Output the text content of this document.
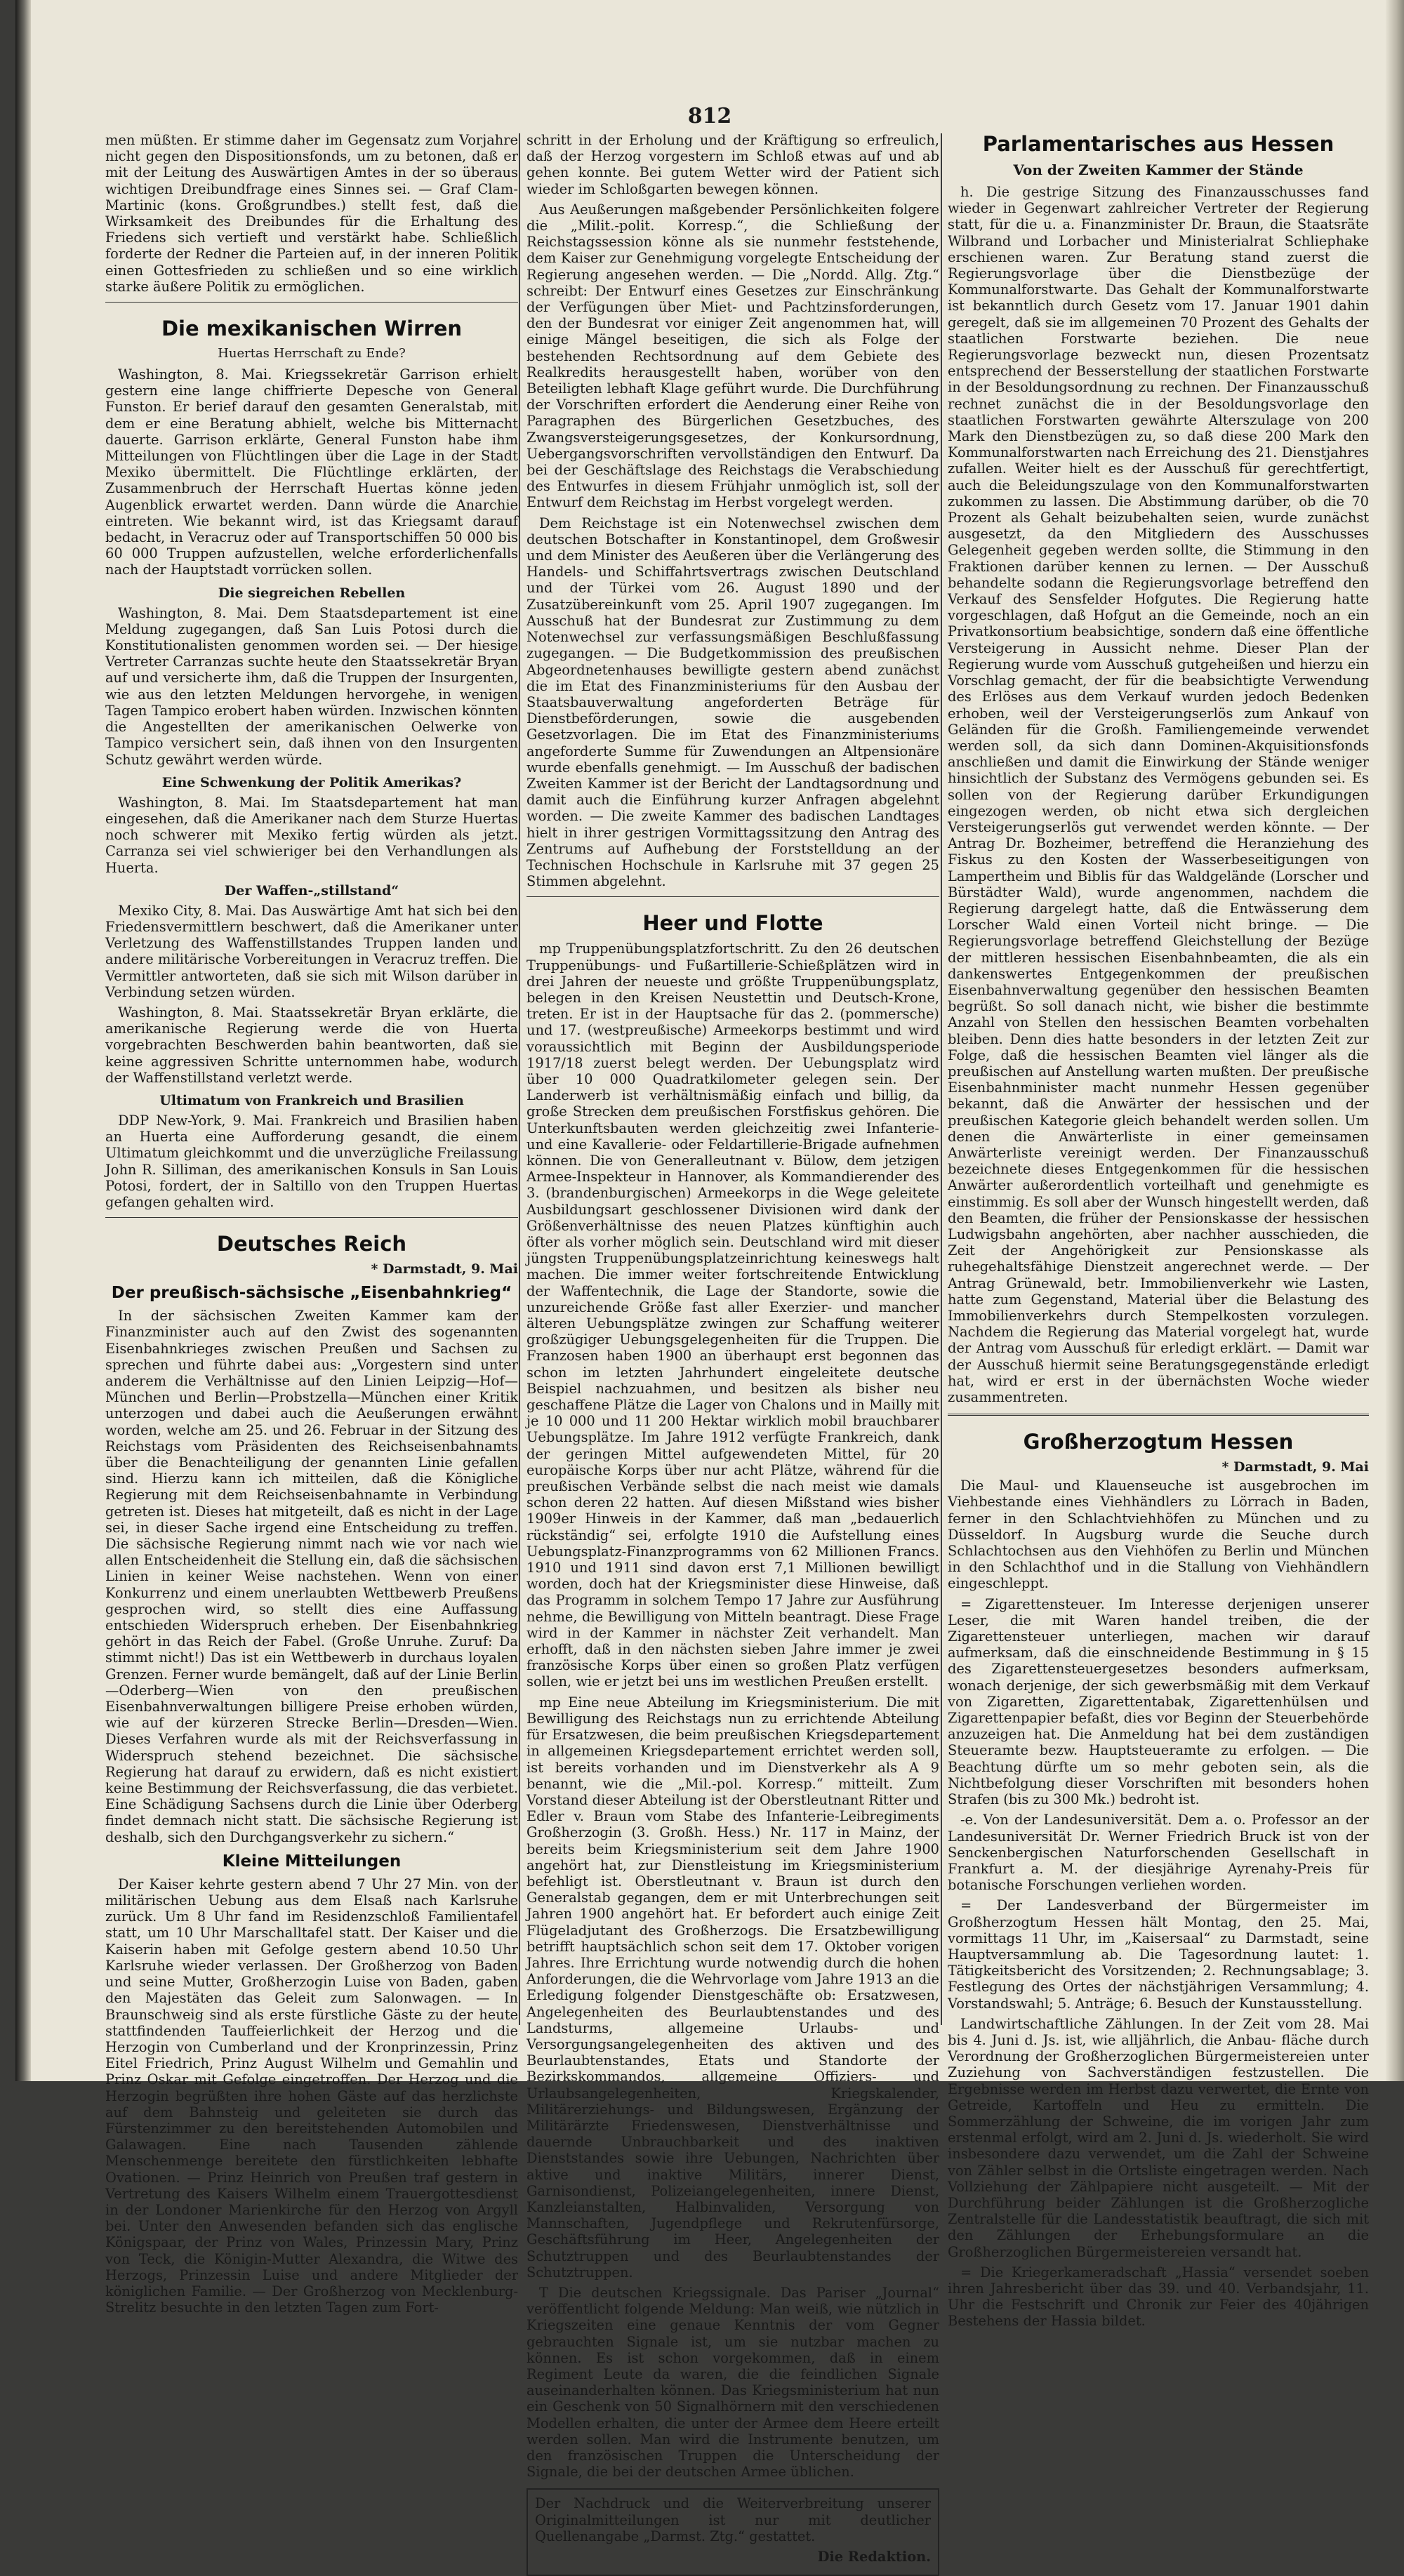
812

men müßten. Er stimme daher im Gegensatz zum Vorjahre nicht gegen den Dispositionsfonds, um zu betonen, daß er mit der Leitung des Auswärtigen Amtes in der so überaus wichtigen Dreibundfrage eines Sinnes sei. — Graf Clam-Martinic (kons. Großgrundbes.) stellt fest, daß die Wirksamkeit des Dreibundes für die Erhaltung des Friedens sich vertieft und verstärkt habe. Schließlich forderte der Redner die Parteien auf, in der inneren Politik einen Gottesfrieden zu schließen und so eine wirklich starke äußere Politik zu ermöglichen.

Die mexikanischen Wirren
Huertas Herrschaft zu Ende?

Washington, 8. Mai. Kriegssekretär Garrison erhielt gestern eine lange chiffrierte Depesche von General Funston. Er berief darauf den gesamten Generalstab, mit dem er eine Beratung abhielt, welche bis Mitternacht dauerte. Garrison erklärte, General Funston habe ihm Mitteilungen von Flüchtlingen über die Lage in der Stadt Mexiko übermittelt. Die Flüchtlinge erklärten, der Zusammenbruch der Herrschaft Huertas könne jeden Augenblick erwartet werden. Dann würde die Anarchie eintreten. Wie bekannt wird, ist das Kriegsamt darauf bedacht, in Veracruz oder auf Transportschiffen 50 000 bis 60 000 Truppen aufzustellen, welche erforderlichenfalls nach der Hauptstadt vorrücken sollen.

Die siegreichen Rebellen

Washington, 8. Mai. Dem Staatsdepartement ist eine Meldung zugegangen, daß San Luis Potosi durch die Konstitutionalisten genommen worden sei. — Der hiesige Vertreter Carranzas suchte heute den Staatssekretär Bryan auf und versicherte ihm, daß die Truppen der Insurgenten, wie aus den letzten Meldungen hervorgehe, in wenigen Tagen Tampico erobert haben würden. Inzwischen könnten die Angestellten der amerikanischen Oelwerke von Tampico versichert sein, daß ihnen von den Insurgenten Schutz gewährt werden würde.

Eine Schwenkung der Politik Amerikas?

Washington, 8. Mai. Im Staatsdepartement hat man eingesehen, daß die Amerikaner nach dem Sturze Huertas noch schwerer mit Mexiko fertig würden als jetzt. Carranza sei viel schwieriger bei den Verhandlungen als Huerta.

Der Waffen-„stillstand“

Mexiko City, 8. Mai. Das Auswärtige Amt hat sich bei den Friedensvermittlern beschwert, daß die Amerikaner unter Verletzung des Waffenstillstandes Truppen landen und andere militärische Vorbereitungen in Veracruz treffen. Die Vermittler antworteten, daß sie sich mit Wilson darüber in Verbindung setzen würden.

Washington, 8. Mai. Staatssekretär Bryan erklärte, die amerikanische Regierung werde die von Huerta vorgebrachten Beschwerden bahin beantworten, daß sie keine aggressiven Schritte unternommen habe, wodurch der Waffenstillstand verletzt werde.

Ultimatum von Frankreich und Brasilien

DDP New-York, 9. Mai. Frankreich und Brasilien haben an Huerta eine Aufforderung gesandt, die einem Ultimatum gleichkommt und die unverzügliche Freilassung John R. Silliman, des amerikanischen Konsuls in San Louis Potosi, fordert, der in Saltillo von den Truppen Huertas gefangen gehalten wird.

Deutsches Reich
* Darmstadt, 9. Mai
Der preußisch-sächsische „Eisenbahnkrieg“

In der sächsischen Zweiten Kammer kam der Finanzminister auch auf den Zwist des sogenannten Eisenbahnkrieges zwischen Preußen und Sachsen zu sprechen und führte dabei aus: „Vorgestern sind unter anderem die Verhältnisse auf den Linien Leipzig—Hof—München und Berlin—Probstzella—München einer Kritik unterzogen und dabei auch die Aeußerungen erwähnt worden, welche am 25. und 26. Februar in der Sitzung des Reichstags vom Präsidenten des Reichseisenbahnamts über die Benachteiligung der genannten Linie gefallen sind. Hierzu kann ich mitteilen, daß die Königliche Regierung mit dem Reichseisenbahnamte in Verbindung getreten ist. Dieses hat mitgeteilt, daß es nicht in der Lage sei, in dieser Sache irgend eine Entscheidung zu treffen. Die sächsische Regierung nimmt nach wie vor nach wie allen Entscheidenheit die Stellung ein, daß die sächsischen Linien in keiner Weise nachstehen. Wenn von einer Konkurrenz und einem unerlaubten Wettbewerb Preußens gesprochen wird, so stellt dies eine Auffassung entschieden Widerspruch erheben. Der Eisenbahnkrieg gehört in das Reich der Fabel. (Große Unruhe. Zuruf: Da stimmt nicht!) Das ist ein Wettbewerb in durchaus loyalen Grenzen. Ferner wurde bemängelt, daß auf der Linie Berlin—Oderberg—Wien von den preußischen Eisenbahnverwaltungen billigere Preise erhoben würden, wie auf der kürzeren Strecke Berlin—Dresden—Wien. Dieses Verfahren wurde als mit der Reichsverfassung in Widerspruch stehend bezeichnet. Die sächsische Regierung hat darauf zu erwidern, daß es nicht existiert keine Bestimmung der Reichsverfassung, die das verbietet. Eine Schädigung Sachsens durch die Linie über Oderberg findet demnach nicht statt. Die sächsische Regierung ist deshalb, sich den Durchgangsverkehr zu sichern.“

Kleine Mitteilungen

Der Kaiser kehrte gestern abend 7 Uhr 27 Min. von der militärischen Uebung aus dem Elsaß nach Karlsruhe zurück. Um 8 Uhr fand im Residenzschloß Familientafel statt, um 10 Uhr Marschalltafel statt. Der Kaiser und die Kaiserin haben mit Gefolge gestern abend 10.50 Uhr Karlsruhe wieder verlassen. Der Großherzog von Baden und seine Mutter, Großherzogin Luise von Baden, gaben den Majestäten das Geleit zum Salonwagen. — In Braunschweig sind als erste fürstliche Gäste zu der heute stattfindenden Tauffeierlichkeit der Herzog und die Herzogin von Cumberland und der Kronprinzessin, Prinz Eitel Friedrich, Prinz August Wilhelm und Gemahlin und Prinz Oskar mit Gefolge eingetroffen. Der Herzog und die Herzogin begrüßten ihre hohen Gäste auf das herzlichste auf dem Bahnsteig und geleiteten sie durch das Fürstenzimmer zu den bereitstehenden Automobilen und Galawagen. Eine nach Tausenden zählende Menschenmenge bereitete den fürstlichkeiten lebhafte Ovationen. — Prinz Heinrich von Preußen traf gestern in Vertretung des Kaisers Wilhelm einem Trauergottesdienst in der Londoner Marienkirche für den Herzog von Argyll bei. Unter den Anwesenden befanden sich das englische Königspaar, der Prinz von Wales, Prinzessin Mary, Prinz von Teck, die Königin-Mutter Alexandra, die Witwe des Herzogs, Prinzessin Luise und andere Mitglieder der königlichen Familie. — Der Großherzog von Mecklenburg-Strelitz besuchte in den letzten Tagen zum Fort-

schritt in der Erholung und der Kräftigung so erfreulich, daß der Herzog vorgestern im Schloß etwas auf und ab gehen konnte. Bei gutem Wetter wird der Patient sich wieder im Schloßgarten bewegen können.

Aus Aeußerungen maßgebender Persönlichkeiten folgere die „Milit.-polit. Korresp.“, die Schließung der Reichstagssession könne als sie nunmehr feststehende, dem Kaiser zur Genehmigung vorgelegte Entscheidung der Regierung angesehen werden. — Die „Nordd. Allg. Ztg.“ schreibt: Der Entwurf eines Gesetzes zur Einschränkung der Verfügungen über Miet- und Pachtzinsforderungen, den der Bundesrat vor einiger Zeit angenommen hat, will einige Mängel beseitigen, die sich als Folge der bestehenden Rechtsordnung auf dem Gebiete des Realkredits herausgestellt haben, worüber von den Beteiligten lebhaft Klage geführt wurde. Die Durchführung der Vorschriften erfordert die Aenderung einer Reihe von Paragraphen des Bürgerlichen Gesetzbuches, des Zwangsversteigerungsgesetzes, der Konkursordnung, Uebergangsvorschriften vervollständigen den Entwurf. Da bei der Geschäftslage des Reichstags die Verabschiedung des Entwurfes in diesem Frühjahr unmöglich ist, soll der Entwurf dem Reichstag im Herbst vorgelegt werden.

Dem Reichstage ist ein Notenwechsel zwischen dem deutschen Botschafter in Konstantinopel, dem Großwesir und dem Minister des Aeußeren über die Verlängerung des Handels- und Schiffahrtsvertrags zwischen Deutschland und der Türkei vom 26. August 1890 und der Zusatzübereinkunft vom 25. April 1907 zugegangen. Im Ausschuß hat der Bundesrat zur Zustimmung zu dem Notenwechsel zur verfassungsmäßigen Beschlußfassung zugegangen. — Die Budgetkommission des preußischen Abgeordnetenhauses bewilligte gestern abend zunächst die im Etat des Finanzministeriums für den Ausbau der Staatsbauverwaltung angeforderten Beträge für Dienstbeförderungen, sowie die ausgebenden Gesetzvorlagen. Die im Etat des Finanzministeriums angeforderte Summe für Zuwendungen an Altpensionäre wurde ebenfalls genehmigt. — Im Ausschuß der badischen Zweiten Kammer ist der Bericht der Landtagsordnung und damit auch die Einführung kurzer Anfragen abgelehnt worden. — Die zweite Kammer des badischen Landtages hielt in ihrer gestrigen Vormittagssitzung den Antrag des Zentrums auf Aufhebung der Forststelldung an der Technischen Hochschule in Karlsruhe mit 37 gegen 25 Stimmen abgelehnt.

Heer und Flotte

mp Truppenübungsplatzfortschritt. Zu den 26 deutschen Truppenübungs- und Fußartillerie-Schießplätzen wird in drei Jahren der neueste und größte Truppenübungsplatz, belegen in den Kreisen Neustettin und Deutsch-Krone, treten. Er ist in der Hauptsache für das 2. (pommersche) und 17. (westpreußische) Armeekorps bestimmt und wird voraussichtlich mit Beginn der Ausbildungsperiode 1917/18 zuerst belegt werden. Der Uebungsplatz wird über 10 000 Quadratkilometer gelegen sein. Der Landerwerb ist verhältnismäßig einfach und billig, da große Strecken dem preußischen Forstfiskus gehören. Die Unterkunftsbauten werden gleichzeitig zwei Infanterie- und eine Kavallerie- oder Feldartillerie-Brigade aufnehmen können. Die von Generalleutnant v. Bülow, dem jetzigen Armee-Inspekteur in Hannover, als Kommandierender des 3. (brandenburgischen) Armeekorps in die Wege geleitete Ausbildungsart geschlossener Divisionen wird dank der Größenverhältnisse des neuen Platzes künftighin auch öfter als vorher möglich sein. Deutschland wird mit dieser jüngsten Truppenübungsplatzeinrichtung keineswegs halt machen. Die immer weiter fortschreitende Entwicklung der Waffentechnik, die Lage der Standorte, sowie die unzureichende Größe fast aller Exerzier- und mancher älteren Uebungsplätze zwingen zur Schaffung weiterer großzügiger Uebungsgelegenheiten für die Truppen. Die Franzosen haben 1900 an überhaupt erst begonnen das schon im letzten Jahrhundert eingeleitete deutsche Beispiel nachzuahmen, und besitzen als bisher neu geschaffene Plätze die Lager von Chalons und in Mailly mit je 10 000 und 11 200 Hektar wirklich mobil brauchbarer Uebungsplätze. Im Jahre 1912 verfügte Frankreich, dank der geringen Mittel aufgewendeten Mittel, für 20 europäische Korps über nur acht Plätze, während für die preußischen Verbände selbst die nach meist wie damals schon deren 22 hatten. Auf diesen Mißstand wies bisher 1909er Hinweis in der Kammer, daß man „bedauerlich rückständig“ sei, erfolgte 1910 die Aufstellung eines Uebungsplatz-Finanzprogramms von 62 Millionen Francs. 1910 und 1911 sind davon erst 7,1 Millionen bewilligt worden, doch hat der Kriegsminister diese Hinweise, daß das Programm in solchem Tempo 17 Jahre zur Ausführung nehme, die Bewilligung von Mitteln beantragt. Diese Frage wird in der Kammer in nächster Zeit verhandelt. Man erhofft, daß in den nächsten sieben Jahre immer je zwei französische Korps über einen so großen Platz verfügen sollen, wie er jetzt bei uns im westlichen Preußen erstellt.

mp Eine neue Abteilung im Kriegsministerium. Die mit Bewilligung des Reichstags nun zu errichtende Abteilung für Ersatzwesen, die beim preußischen Kriegsdepartement in allgemeinen Kriegsdepartement errichtet werden soll, ist bereits vorhanden und im Dienstverkehr als A 9 benannt, wie die „Mil.-pol. Korresp.“ mitteilt. Zum Vorstand dieser Abteilung ist der Oberstleutnant Ritter und Edler v. Braun vom Stabe des Infanterie-Leibregiments Großherzogin (3. Großh. Hess.) Nr. 117 in Mainz, der bereits beim Kriegsministerium seit dem Jahre 1900 angehört hat, zur Dienstleistung im Kriegsministerium befehligt ist. Oberstleutnant v. Braun ist durch den Generalstab gegangen, dem er mit Unterbrechungen seit Jahren 1900 angehört hat. Er befordert auch einige Zeit Flügeladjutant des Großherzogs. Die Ersatzbewilligung betrifft hauptsächlich schon seit dem 17. Oktober vorigen Jahres. Ihre Errichtung wurde notwendig durch die hohen Anforderungen, die die Wehrvorlage vom Jahre 1913 an die Erledigung folgender Dienstgeschäfte ob: Ersatzwesen, Angelegenheiten des Beurlaubtenstandes und des Landsturms, allgemeine Urlaubs- und Versorgungsangelegenheiten des aktiven und des Beurlaubtenstandes, Etats und Standorte der Bezirkskommandos, allgemeine Offiziers- und Urlaubsangelegenheiten, Kriegskalender, Militärerziehungs- und Bildungswesen, Ergänzung der Militärärzte Friedenswesen, Dienstverhältnisse und dauernde Unbrauchbarkeit und des inaktiven Dienststandes sowie ihre Uebungen, Nachrichten über aktive und inaktive Militärs, innerer Dienst, Garnisondienst, Polizeiangelegenheiten, innere Dienst, Kanzleianstalten, Halbinvaliden, Versorgung von Mannschaften, Jugendpflege und Rekrutenfürsorge, Geschäftsführung im Heer, Angelegenheiten der Schutztruppen und des Beurlaubtenstandes der Schutztruppen.

T Die deutschen Kriegssignale. Das Pariser „Journal“ veröffentlicht folgende Meldung: Man weiß, wie nützlich in Kriegszeiten eine genaue Kenntnis der vom Gegner gebrauchten Signale ist, um sie nutzbar machen zu können. Es ist schon vorgekommen, daß in einem Regiment Leute da waren, die die feindlichen Signale auseinanderhalten können. Das Kriegsministerium hat nun ein Geschenk von 50 Signalhörnern mit den verschiedenen Modellen erhalten, die unter der Armee dem Heere erteilt werden sollen. Man wird die Instrumente benutzen, um den französischen Truppen die Unterscheidung der Signale, die bei der deutschen Armee üblichen.

Der Nachdruck und die Weiterverbreitung unserer Originalmitteilungen ist nur mit deutlicher Quellenangabe „Darmst. Ztg.“ gestattet.

Die Redaktion.

Parlamentarisches aus Hessen
Von der Zweiten Kammer der Stände

h. Die gestrige Sitzung des Finanzausschusses fand wieder in Gegenwart zahlreicher Vertreter der Regierung statt, für die u. a. Finanzminister Dr. Braun, die Staatsräte Wilbrand und Lorbacher und Ministerialrat Schliephake erschienen waren. Zur Beratung stand zuerst die Regierungsvorlage über die Dienstbezüge der Kommunalforstwarte. Das Gehalt der Kommunalforstwarte ist bekanntlich durch Gesetz vom 17. Januar 1901 dahin geregelt, daß sie im allgemeinen 70 Prozent des Gehalts der staatlichen Forstwarte beziehen. Die neue Regierungsvorlage bezweckt nun, diesen Prozentsatz entsprechend der Besserstellung der staatlichen Forstwarte in der Besoldungsordnung zu rechnen. Der Finanzausschuß rechnet zunächst die in der Besoldungsvorlage den staatlichen Forstwarten gewährte Alterszulage von 200 Mark den Dienstbezügen zu, so daß diese 200 Mark den Kommunalforstwarten nach Erreichung des 21. Dienstjahres zufallen. Weiter hielt es der Ausschuß für gerechtfertigt, auch die Beleidungszulage von den Kommunalforstwarten zukommen zu lassen. Die Abstimmung darüber, ob die 70 Prozent als Gehalt beizubehalten seien, wurde zunächst ausgesetzt, da den Mitgliedern des Ausschusses Gelegenheit gegeben werden sollte, die Stimmung in den Fraktionen darüber kennen zu lernen. — Der Ausschuß behandelte sodann die Regierungsvorlage betreffend den Verkauf des Sensfelder Hofgutes. Die Regierung hatte vorgeschlagen, daß Hofgut an die Gemeinde, noch an ein Privatkonsortium beabsichtige, sondern daß eine öffentliche Versteigerung in Aussicht nehme. Dieser Plan der Regierung wurde vom Ausschuß gutgeheißen und hierzu ein Vorschlag gemacht, der für die beabsichtigte Verwendung des Erlöses aus dem Verkauf wurden jedoch Bedenken erhoben, weil der Versteigerungserlös zum Ankauf von Geländen für die Großh. Familiengemeinde verwendet werden soll, da sich dann Dominen-Akquisitionsfonds anschließen und damit die Einwirkung der Stände weniger hinsichtlich der Substanz des Vermögens gebunden sei. Es sollen von der Regierung darüber Erkundigungen eingezogen werden, ob nicht etwa sich dergleichen Versteigerungserlös gut verwendet werden könnte. — Der Antrag Dr. Bozheimer, betreffend die Heranziehung des Fiskus zu den Kosten der Wasserbeseitigungen von Lampertheim und Biblis für das Waldgelände (Lorscher und Bürstädter Wald), wurde angenommen, nachdem die Regierung dargelegt hatte, daß die Entwässerung dem Lorscher Wald einen Vorteil nicht bringe. — Die Regierungsvorlage betreffend Gleichstellung der Bezüge der mittleren hessischen Eisenbahnbeamten, die als ein dankenswertes Entgegenkommen der preußischen Eisenbahnverwaltung gegenüber den hessischen Beamten begrüßt. So soll danach nicht, wie bisher die bestimmte Anzahl von Stellen den hessischen Beamten vorbehalten bleiben. Denn dies hatte besonders in der letzten Zeit zur Folge, daß die hessischen Beamten viel länger als die preußischen auf Anstellung warten mußten. Der preußische Eisenbahnminister macht nunmehr Hessen gegenüber bekannt, daß die Anwärter der hessischen und der preußischen Kategorie gleich behandelt werden sollen. Um denen die Anwärterliste in einer gemeinsamen Anwärterliste vereinigt werden. Der Finanzausschuß bezeichnete dieses Entgegenkommen für die hessischen Anwärter außerordentlich vorteilhaft und genehmigte es einstimmig. Es soll aber der Wunsch hingestellt werden, daß den Beamten, die früher der Pensionskasse der hessischen Ludwigsbahn angehörten, aber nachher ausschieden, die Zeit der Angehörigkeit zur Pensionskasse als ruhegehaltsfähige Dienstzeit angerechnet werde. — Der Antrag Grünewald, betr. Immobilienverkehr wie Lasten, hatte zum Gegenstand, Material über die Belastung des Immobilienverkehrs durch Stempelkosten vorzulegen. Nachdem die Regierung das Material vorgelegt hat, wurde der Antrag vom Ausschuß für erledigt erklärt. — Damit war der Ausschuß hiermit seine Beratungsgegenstände erledigt hat, wird er erst in der übernächsten Woche wieder zusammentreten.

Großherzogtum Hessen
* Darmstadt, 9. Mai

Die Maul- und Klauenseuche ist ausgebrochen im Viehbestande eines Viehhändlers zu Lörrach in Baden, ferner in den Schlachtviehhöfen zu München und zu Düsseldorf. In Augsburg wurde die Seuche durch Schlachtochsen aus den Viehhöfen zu Berlin und München in den Schlachthof und in die Stallung von Viehhändlern eingeschleppt.

= Zigarettensteuer. Im Interesse derjenigen unserer Leser, die mit Waren handel treiben, die der Zigarettensteuer unterliegen, machen wir darauf aufmerksam, daß die einschneidende Bestimmung in § 15 des Zigarettensteuergesetzes besonders aufmerksam, wonach derjenige, der sich gewerbsmäßig mit dem Verkauf von Zigaretten, Zigarettentabak, Zigarettenhülsen und Zigarettenpapier befaßt, dies vor Beginn der Steuerbehörde anzuzeigen hat. Die Anmeldung hat bei dem zuständigen Steueramte bezw. Hauptsteueramte zu erfolgen. — Die Beachtung dürfte um so mehr geboten sein, als die Nichtbefolgung dieser Vorschriften mit besonders hohen Strafen (bis zu 300 Mk.) bedroht ist.

-e. Von der Landesuniversität. Dem a. o. Professor an der Landesuniversität Dr. Werner Friedrich Bruck ist von der Senckenbergischen Naturforschenden Gesellschaft in Frankfurt a. M. der diesjährige Ayrenahy-Preis für botanische Forschungen verliehen worden.

= Der Landesverband der Bürgermeister im Großherzogtum Hessen hält Montag, den 25. Mai, vormittags 11 Uhr, im „Kaisersaal“ zu Darmstadt, seine Hauptversammlung ab. Die Tagesordnung lautet: 1. Tätigkeitsbericht des Vorsitzenden; 2. Rechnungsablage; 3. Festlegung des Ortes der nächstjährigen Versammlung; 4. Vorstandswahl; 5. Anträge; 6. Besuch der Kunstausstellung.

Landwirtschaftliche Zählungen. In der Zeit vom 28. Mai bis 4. Juni d. Js. ist, wie alljährlich, die Anbau- fläche durch Verordnung der Großherzoglichen Bürgermeistereien unter Zuziehung von Sachverständigen festzustellen. Die Ergebnisse werden im Herbst dazu verwertet, die Ernte von Getreide, Kartoffeln und Heu zu ermitteln. Die Sommerzählung der Schweine, die im vorigen Jahr zum erstenmal erfolgt, wird am 2. Juni d. Js. wiederholt. Sie wird insbesondere dazu verwendet, um die Zahl der Schweine von Zähler selbst in die Ortsliste eingetragen werden. Nach Vollziehung der Zählpapiere nicht ausgeteilt. — Mit der Durchführung beider Zählungen ist die Großherzogliche Zentralstelle für die Landesstatistik beauftragt, die sich mit den Zählungen der Erhebungsformulare an die Großherzoglichen Bürgermeistereien versandt hat.

= Die Kriegerkameradschaft „Hassia“ versendet soeben ihren Jahresbericht über das 39. und 40. Verbandsjahr, 11. Uhr die Festschrift und Chronik zur Feier des 40jährigen Bestehens der Hassia bildet.
